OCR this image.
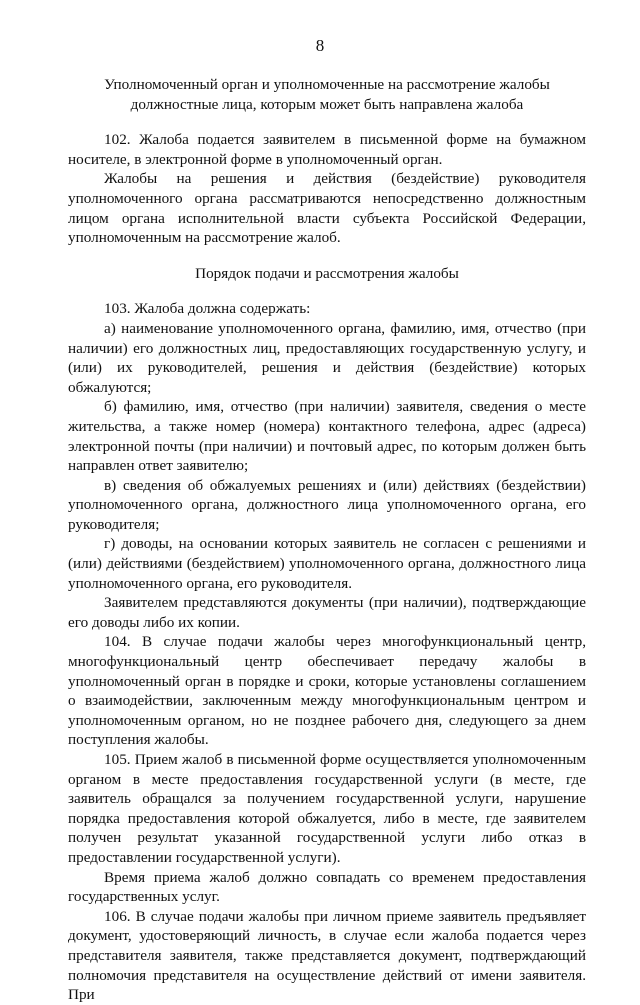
8
Уполномоченный орган и уполномоченные на рассмотрение жалобы
должностные лица, которым может быть направлена жалоба

102. Жалоба подается заявителем в письменной форме на бумажном носителе, в электронной форме в уполномоченный орган.

Жалобы на решения и действия (бездействие) руководителя уполномоченного органа рассматриваются непосредственно должностным лицом органа исполнительной власти субъекта Российской Федерации, уполномоченным на рассмотрение жалоб.

Порядок подачи и рассмотрения жалобы

103. Жалоба должна содержать:

а) наименование уполномоченного органа, фамилию, имя, отчество (при наличии) его должностных лиц, предоставляющих государственную услугу, и (или) их руководителей, решения и действия (бездействие) которых обжалуются;

б) фамилию, имя, отчество (при наличии) заявителя, сведения о месте жительства, а также номер (номера) контактного телефона, адрес (адреса) электронной почты (при наличии) и почтовый адрес, по которым должен быть направлен ответ заявителю;

в) сведения об обжалуемых решениях и (или) действиях (бездействии) уполномоченного органа, должностного лица уполномоченного органа, его руководителя;

г) доводы, на основании которых заявитель не согласен с решениями и (или) действиями (бездействием) уполномоченного органа, должностного лица уполномоченного органа, его руководителя.

Заявителем представляются документы (при наличии), подтверждающие его доводы либо их копии.

104. В случае подачи жалобы через многофункциональный центр, многофункциональный центр обеспечивает передачу жалобы в уполномоченный орган в порядке и сроки, которые установлены соглашением о взаимодействии, заключенным между многофункциональным центром и уполномоченным органом, но не позднее рабочего дня, следующего за днем поступления жалобы.

105. Прием жалоб в письменной форме осуществляется уполномоченным органом в месте предоставления государственной услуги (в месте, где заявитель обращался за получением государственной услуги, нарушение порядка предоставления которой обжалуется, либо в месте, где заявителем получен результат указанной государственной услуги либо отказ в предоставлении государственной услуги).

Время приема жалоб должно совпадать со временем предоставления государственных услуг.

106. В случае подачи жалобы при личном приеме заявитель предъявляет документ, удостоверяющий личность, в случае если жалоба подается через представителя заявителя, также представляется документ, подтверждающий полномочия представителя на осуществление действий от имени заявителя. При
